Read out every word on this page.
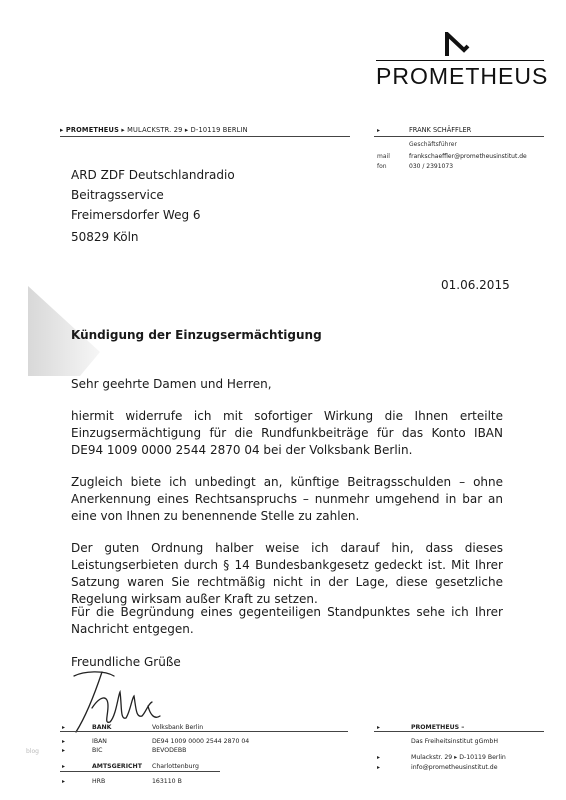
PROMETHEUS
▸ PROMETHEUS ▸ MULACKSTR. 29 ▸ D-10119 BERLIN	▸	FRANK SCHÄFFLER
Geschäftsführer
mail	frankschaeffler@prometheusinstitut.de
fon	030 / 2391073
ARD ZDF Deutschlandradio
Beitragsservice
Freimersdorfer Weg 6
50829 Köln
01.06.2015
Kündigung der Einzugsermächtigung
Sehr geehrte Damen und Herren,
hiermit widerrufe ich mit sofortiger Wirkung die Ihnen erteilte Einzugsermächtigung für die Rundfunkbeiträge für das Konto IBAN DE94 1009 0000 2544 2870 04 bei der Volksbank Berlin.
Zugleich biete ich unbedingt an, künftige Beitragsschulden – ohne Anerkennung eines Rechtsanspruchs – nunmehr umgehend in bar an eine von Ihnen zu benennende Stelle zu zahlen.
Der guten Ordnung halber weise ich darauf hin, dass dieses Leistungserbieten durch § 14 Bundesbankgesetz gedeckt ist. Mit Ihrer Satzung waren Sie rechtmäßig nicht in der Lage, diese gesetzliche Regelung wirksam außer Kraft zu setzen.
Für die Begründung eines gegenteiligen Standpunktes sehe ich Ihrer Nachricht entgegen.
Freundliche Grüße
▸	BANK	Volksbank Berlin
▸	IBAN	DE94 1009 0000 2544 2870 04
▸	BIC	BEVODEBB
▸	AMTSGERICHT Charlottenburg
▸	HRB	163110 B
▸	PROMETHEUS –
Das Freiheitsinstitut gGmbH
▸	Mulackstr. 29 ▸ D-10119 Berlin
▸	info@prometheusinstitut.de
blog
